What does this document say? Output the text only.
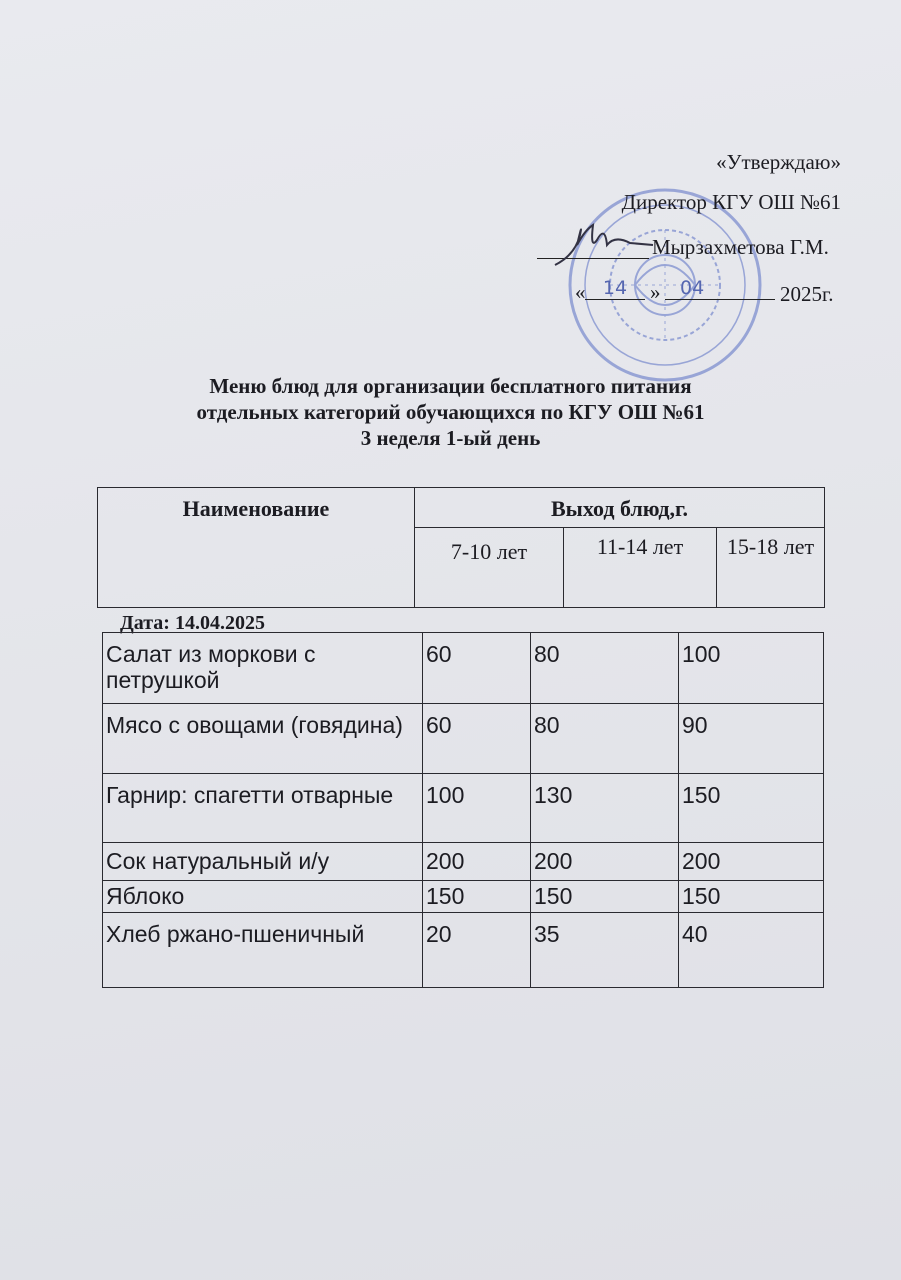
«Утверждаю»
Директор КГУ ОШ №61
Мырзахметова Г.М.
« 14	»	04	2025г.
Меню блюд для организации бесплатного питания
отдельных категорий обучающихся по КГУ ОШ №61
3 неделя 1-ый день
Наименование	Выход блюд,г.		
	7-10 лет	11-14 лет	15-18 лет
Дата: 14.04.2025
Салат из моркови с петрушкой	60	80	100
Мясо с овощами (говядина)	60	80	90
Гарнир: спагетти отварные	100	130	150
Сок натуральный и/у	200	200	200
Яблоко	150	150	150
Хлеб ржано-пшеничный	20	35	40
